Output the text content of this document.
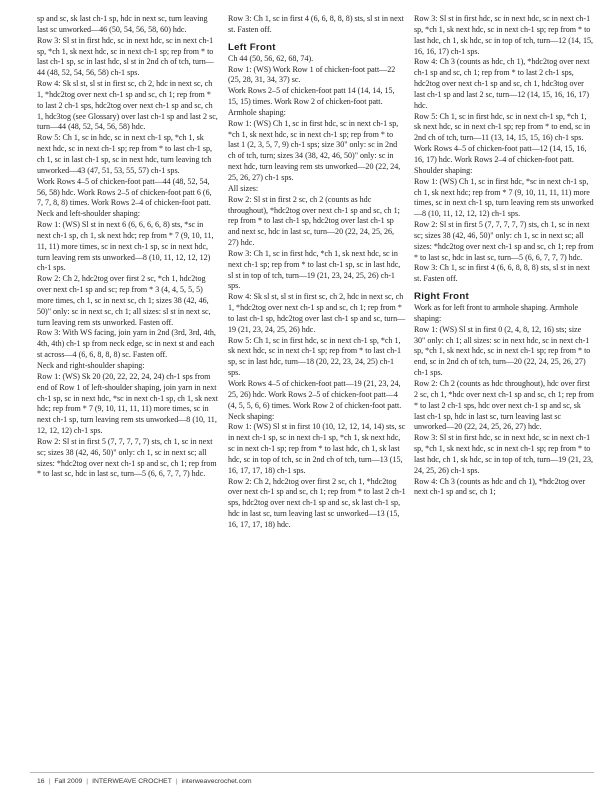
sp and sc, sk last ch-1 sp, hdc in next sc, turn leaving last sc unworked—46 (50, 54, 56, 58, 60) hdc.

Row 3: Sl st in first hdc, sc in next hdc, sc in next ch-1 sp, *ch 1, sk next hdc, sc in next ch-1 sp; rep from * to last ch-1 sp, sc in last hdc, sl st in 2nd ch of tch, turn—44 (48, 52, 54, 56, 58) ch-1 sps.

Row 4: Sk sl st, sl st in first sc, ch 2, hdc in next sc, ch 1, *hdc2tog over next ch-1 sp and sc, ch 1; rep from * to last 2 ch-1 sps, hdc2tog over next ch-1 sp and sc, ch 1, hdc3tog (see Glossary) over last ch-1 sp and last 2 sc, turn—44 (48, 52, 54, 56, 58) hdc.

Row 5: Ch 1, sc in hdc, sc in next ch-1 sp, *ch 1, sk next hdc, sc in next ch-1 sp; rep from * to last ch-1 sp, ch 1, sc in last ch-1 sp, sc in next hdc, turn leaving tch unworked—43 (47, 51, 53, 55, 57) ch-1 sps.

Work Rows 4–5 of chicken-foot patt—44 (48, 52, 54, 56, 58) hdc. Work Rows 2–5 of chicken-foot patt 6 (6, 7, 7, 8, 8) times. Work Rows 2–4 of chicken-foot patt. Neck and left-shoulder shaping:

Row 1: (WS) Sl st in next 6 (6, 6, 6, 6, 8) sts, *sc in next ch-1 sp, ch 1, sk next hdc; rep from * 7 (9, 10, 11, 11, 11) more times, sc in next ch-1 sp, sc in next hdc, turn leaving rem sts unworked—8 (10, 11, 12, 12, 12) ch-1 sps.

Row 2: Ch 2, hdc2tog over first 2 sc, *ch 1, hdc2tog over next ch-1 sp and sc; rep from * 3 (4, 4, 5, 5, 5) more times, ch 1, sc in next sc, ch 1; sizes 38 (42, 46, 50)" only: sc in next sc, ch 1; all sizes: sl st in next sc, turn leaving rem sts unworked. Fasten off.

Row 3: With WS facing, join yarn in 2nd (3rd, 3rd, 4th, 4th, 4th) ch-1 sp from neck edge, sc in next st and each st across—4 (6, 6, 8, 8, 8) sc. Fasten off.

Neck and right-shoulder shaping:

Row 1: (WS) Sk 20 (20, 22, 22, 24, 24) ch-1 sps from end of Row 1 of left-shoulder shaping, join yarn in next ch-1 sp, sc in next hdc, *sc in next ch-1 sp, ch 1, sk next hdc; rep from * 7 (9, 10, 11, 11, 11) more times, sc in next ch-1 sp, turn leaving rem sts unworked—8 (10, 11, 12, 12, 12) ch-1 sps.

Row 2: Sl st in first 5 (7, 7, 7, 7, 7) sts, ch 1, sc in next sc; sizes 38 (42, 46, 50)" only: ch 1, sc in next sc; all sizes: *hdc2tog over next ch-1 sp and sc, ch 1; rep from * to last sc, hdc in last sc, turn—5 (6, 6, 7, 7, 7) hdc.

Row 3: Ch 1, sc in first 4 (6, 6, 8, 8, 8) sts, sl st in next st. Fasten off.

Left Front

Ch 44 (50, 56, 62, 68, 74).

Row 1: (WS) Work Row 1 of chicken-foot patt—22 (25, 28, 31, 34, 37) sc.

Work Rows 2–5 of chicken-foot patt 14 (14, 14, 15, 15, 15) times. Work Row 2 of chicken-foot patt. Armhole shaping:

Row 1: (WS) Ch 1, sc in first hdc, sc in next ch-1 sp, *ch 1, sk next hdc, sc in next ch-1 sp; rep from * to last 1 (2, 3, 5, 7, 9) ch-1 sps; size 30" only: sc in 2nd ch of tch, turn; sizes 34 (38, 42, 46, 50)" only: sc in next hdc, turn leaving rem sts unworked—20 (22, 24, 25, 26, 27) ch-1 sps.

All sizes:

Row 2: Sl st in first 2 sc, ch 2 (counts as hdc throughout), *hdc2tog over next ch-1 sp and sc, ch 1; rep from * to last ch-1 sp, hdc2tog over last ch-1 sp and next sc, hdc in last sc, turn—20 (22, 24, 25, 26, 27) hdc.

Row 3: Ch 1, sc in first hdc, *ch 1, sk next hdc, sc in next ch-1 sp; rep from * to last ch-1 sp, sc in last hdc, sl st in top of tch, turn—19 (21, 23, 24, 25, 26) ch-1 sps.

Row 4: Sk sl st, sl st in first sc, ch 2, hdc in next sc, ch 1, *hdc2tog over next ch-1 sp and sc, ch 1; rep from * to last ch-1 sp, hdc2tog over last ch-1 sp and sc, turn—19 (21, 23, 24, 25, 26) hdc.

Row 5: Ch 1, sc in first hdc, sc in next ch-1 sp, *ch 1, sk next hdc, sc in next ch-1 sp; rep from * to last ch-1 sp, sc in last hdc, turn—18 (20, 22, 23, 24, 25) ch-1 sps.

Work Rows 4–5 of chicken-foot patt—19 (21, 23, 24, 25, 26) hdc. Work Rows 2–5 of chicken-foot patt—4 (4, 5, 5, 6, 6) times. Work Row 2 of chicken-foot patt. Neck shaping:

Row 1: (WS) Sl st in first 10 (10, 12, 12, 14, 14) sts, sc in next ch-1 sp, sc in next ch-1 sp, *ch 1, sk next hdc, sc in next ch-1 sp; rep from * to last hdc, ch 1, sk last hdc, sc in top of tch, sc in 2nd ch of tch, turn—13 (15, 16, 17, 17, 18) ch-1 sps.

Row 2: Ch 2, hdc2tog over first 2 sc, ch 1, *hdc2tog over next ch-1 sp and sc, ch 1; rep from * to last 2 ch-1 sps, hdc2tog over next ch-1 sp and sc, sk last ch-1 sp, hdc in last sc, turn leaving last sc unworked—13 (15, 16, 17, 17, 18) hdc.

Row 3: Sl st in first hdc, sc in next hdc, sc in next ch-1 sp, *ch 1, sk next hdc, sc in next ch-1 sp; rep from * to last hdc, ch 1, sk hdc, sc in top of tch, turn—12 (14, 15, 16, 16, 17) ch-1 sps.

Row 4: Ch 3 (counts as hdc, ch 1), *hdc2tog over next ch-1 sp and sc, ch 1; rep from * to last 2 ch-1 sps, hdc2tog over next ch-1 sp and sc, ch 1, hdc3tog over last ch-1 sp and last 2 sc, turn—12 (14, 15, 16, 16, 17) hdc.

Row 5: Ch 1, sc in first hdc, sc in next ch-1 sp, *ch 1, sk next hdc, sc in next ch-1 sp; rep from * to end, sc in 2nd ch of tch, turn—11 (13, 14, 15, 15, 16) ch-1 sps.

Work Rows 4–5 of chicken-foot patt—12 (14, 15, 16, 16, 17) hdc. Work Rows 2–4 of chicken-foot patt. Shoulder shaping:

Row 1: (WS) Ch 1, sc in first hdc, *sc in next ch-1 sp, ch 1, sk next hdc; rep from * 7 (9, 10, 11, 11, 11) more times, sc in next ch-1 sp, turn leaving rem sts unworked—8 (10, 11, 12, 12, 12) ch-1 sps.

Row 2: Sl st in first 5 (7, 7, 7, 7, 7) sts, ch 1, sc in next sc; sizes 38 (42, 46, 50)" only: ch 1, sc in next sc; all sizes: *hdc2tog over next ch-1 sp and sc, ch 1; rep from * to last sc, hdc in last sc, turn—5 (6, 6, 7, 7, 7) hdc.

Row 3: Ch 1, sc in first 4 (6, 6, 8, 8, 8) sts, sl st in next st. Fasten off.

Right Front

Work as for left front to armhole shaping. Armhole shaping:

Row 1: (WS) Sl st in first 0 (2, 4, 8, 12, 16) sts; size 30" only: ch 1; all sizes: sc in next hdc, sc in next ch-1 sp, *ch 1, sk next hdc, sc in next ch-1 sp; rep from * to end, sc in 2nd ch of tch, turn—20 (22, 24, 25, 26, 27) ch-1 sps.

Row 2: Ch 2 (counts as hdc throughout), hdc over first 2 sc, ch 1, *hdc over next ch-1 sp and sc, ch 1; rep from * to last 2 ch-1 sps, hdc over next ch-1 sp and sc, sk last ch-1 sp, hdc in last sc, turn leaving last sc unworked—20 (22, 24, 25, 26, 27) hdc.

Row 3: Sl st in first hdc, sc in next hdc, sc in next ch-1 sp, *ch 1, sk next hdc, sc in next ch-1 sp; rep from * to last hdc, ch 1, sk hdc, sc in top of tch, turn—19 (21, 23, 24, 25, 26) ch-1 sps.

Row 4: Ch 3 (counts as hdc and ch 1), *hdc2tog over next ch-1 sp and sc, ch 1;

16 | Fall 2009 | INTERWEAVE CROCHET | interweavecrochet.com
